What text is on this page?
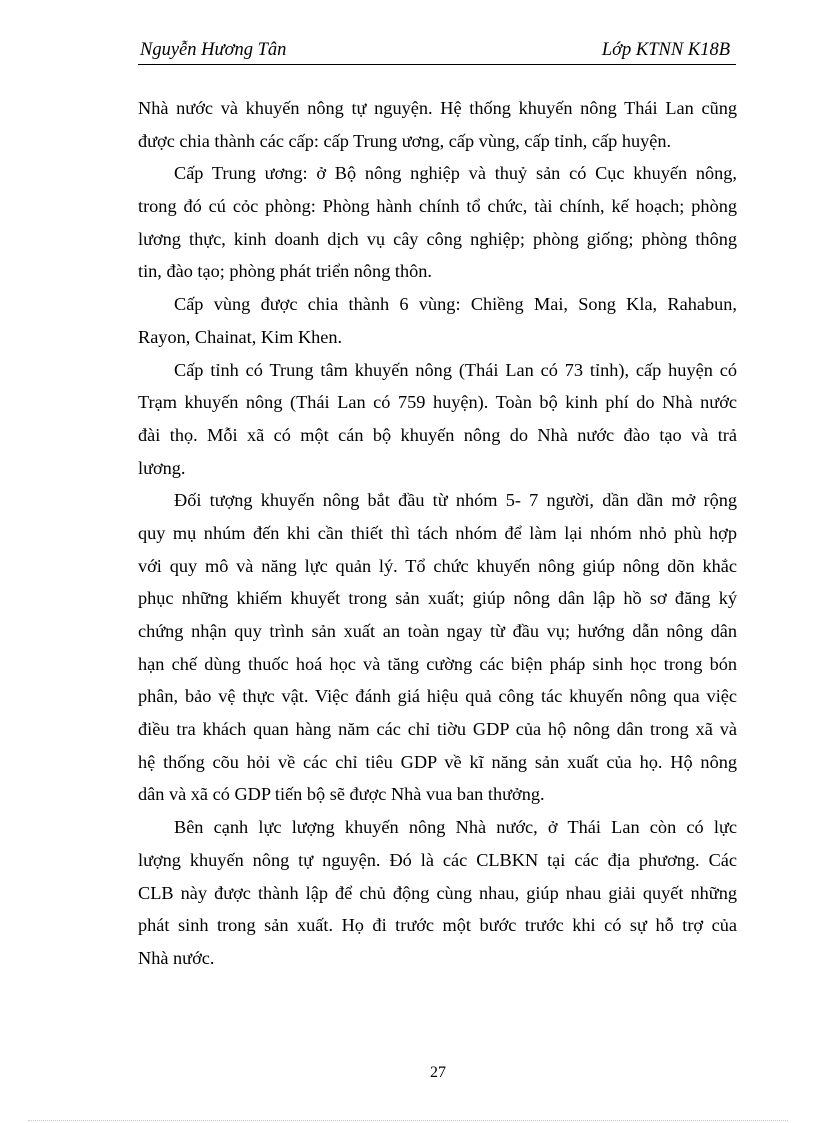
Nguyễn Hương Tân	Lớp KTNN K18B
Nhà nước và khuyến nông tự nguyện. Hệ thống khuyến nông Thái Lan cũng
được chia thành các cấp: cấp Trung ương, cấp vùng, cấp tỉnh, cấp huyện.
Cấp Trung ương: ở Bộ nông nghiệp và thuỷ sản có Cục khuyến nông,
trong đó cú cỏc phòng: Phòng hành chính tổ chức, tài chính, kế hoạch; phòng
lương thực, kinh doanh dịch vụ cây công nghiệp; phòng giống; phòng thông
tin, đào tạo; phòng phát triển nông thôn.
Cấp vùng được chia thành 6 vùng: Chiềng Mai, Song Kla, Rahabun,
Rayon, Chainat, Kim Khen.
Cấp tỉnh có Trung tâm khuyến nông (Thái Lan có 73 tỉnh), cấp huyện có
Trạm khuyến nông (Thái Lan có 759 huyện). Toàn bộ kinh phí do Nhà nước
đài thọ. Mỗi xã có một cán bộ khuyến nông do Nhà nước đào tạo và trả
lương.
Đối tượng khuyến nông bắt đầu từ nhóm 5- 7 người, dần dần mở rộng
quy mụ nhúm đến khi cần thiết thì tách nhóm để làm lại nhóm nhỏ phù hợp
với quy mô và năng lực quản lý. Tổ chức khuyến nông giúp nông dõn khắc
phục những khiếm khuyết trong sản xuất; giúp nông dân lập hồ sơ đăng ký
chứng nhận quy trình sản xuất an toàn ngay từ đầu vụ; hướng dẫn nông dân
hạn chế dùng thuốc hoá học và tăng cường các biện pháp sinh học trong bón
phân, bảo vệ thực vật. Việc đánh giá hiệu quả công tác khuyến nông qua việc
điều tra khách quan hàng năm các chỉ tiờu GDP của hộ nông dân trong xã và
hệ thống cõu hỏi về các chỉ tiêu GDP về kĩ năng sản xuất của họ. Hộ nông
dân và xã có GDP tiến bộ sẽ được Nhà vua ban thưởng.
Bên cạnh lực lượng khuyến nông Nhà nước, ở Thái Lan còn có lực
lượng khuyến nông tự nguyện. Đó là các CLBKN tại các địa phương. Các
CLB này được thành lập để chủ động cùng nhau, giúp nhau giải quyết những
phát sinh trong sản xuất. Họ đi trước một bước trước khi có sự hỗ trợ của
Nhà nước.
27
